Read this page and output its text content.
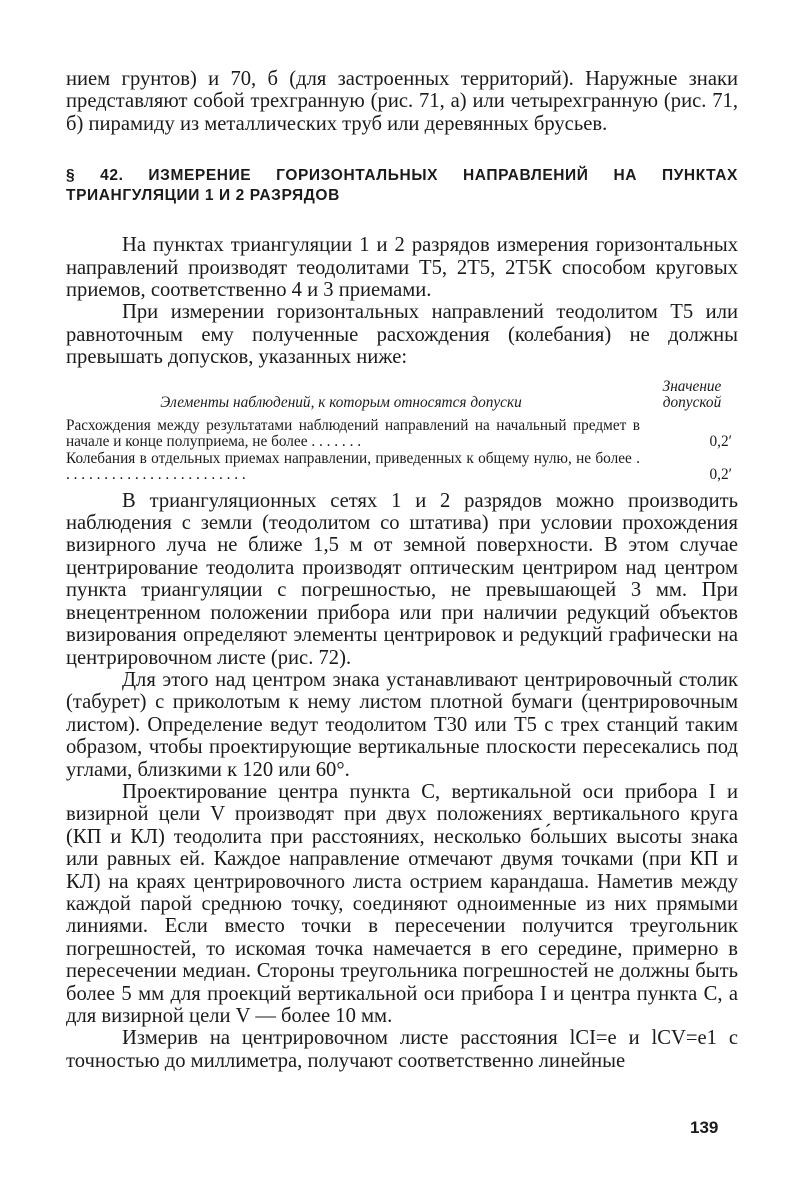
нием грунтов) и 70, б (для застроенных территорий). Наружные знаки представляют собой трехгранную (рис. 71, а) или четырехгранную (рис. 71, б) пирамиду из металлических труб или деревянных брусьев.

§ 42. ИЗМЕРЕНИЕ ГОРИЗОНТАЛЬНЫХ НАПРАВЛЕНИЙ НА ПУНКТАХ ТРИАНГУЛЯЦИИ 1 И 2 РАЗРЯДОВ

На пунктах триангуляции 1 и 2 разрядов измерения горизонтальных направлений производят теодолитами Т5, 2Т5, 2Т5К способом круговых приемов, соответственно 4 и 3 приемами.

При измерении горизонтальных направлений теодолитом Т5 или равноточным ему полученные расхождения (колебания) не должны превышать допусков, указанных ниже:

Элементы наблюдений, к которым относятся допуски
Значение
допуской
Расхождения между результатами наблюдений направлений на начальный предмет в начале и конце полуприема, не более . . . . . . .	0,2′
Колебания в отдельных приемах направлении, приведенных к общему нулю, не более . . . . . . . . . . . . . . . . . . . . . . . . .	0,2′

В триангуляционных сетях 1 и 2 разрядов можно производить наблюдения с земли (теодолитом со штатива) при условии прохождения визирного луча не ближе 1,5 м от земной поверхности. В этом случае центрирование теодолита производят оптическим центриром над центром пункта триангуляции с погрешностью, не превышающей 3 мм. При внецентренном положении прибора или при наличии редукций объектов визирования определяют элементы центрировок и редукций графически на центрировочном листе (рис. 72).

Для этого над центром знака устанавливают центрировочный столик (табурет) с приколотым к нему листом плотной бумаги (центрировочным листом). Определение ведут теодолитом Т30 или Т5 с трех станций таким образом, чтобы проектирующие вертикальные плоскости пересекались под углами, близкими к 120 или 60°.

Проектирование центра пункта C, вертикальной оси прибора I и визирной цели V производят при двух положениях вертикального круга (КП и КЛ) теодолита при расстояниях, несколько бо́льших высоты знака или равных ей. Каждое направление отмечают двумя точками (при КП и КЛ) на краях центрировочного листа острием карандаша. Наметив между каждой парой среднюю точку, соединяют одноименные из них прямыми линиями. Если вместо точки в пересечении получится треугольник погрешностей, то искомая точка намечается в его середине, примерно в пересечении медиан. Стороны треугольника погрешностей не должны быть более 5 мм для проекций вертикальной оси прибора I и центра пункта C, а для визирной цели V — более 10 мм.

Измерив на центрировочном листе расстояния lCI=e и lCV=e1 с точностью до миллиметра, получают соответственно линейные

139
